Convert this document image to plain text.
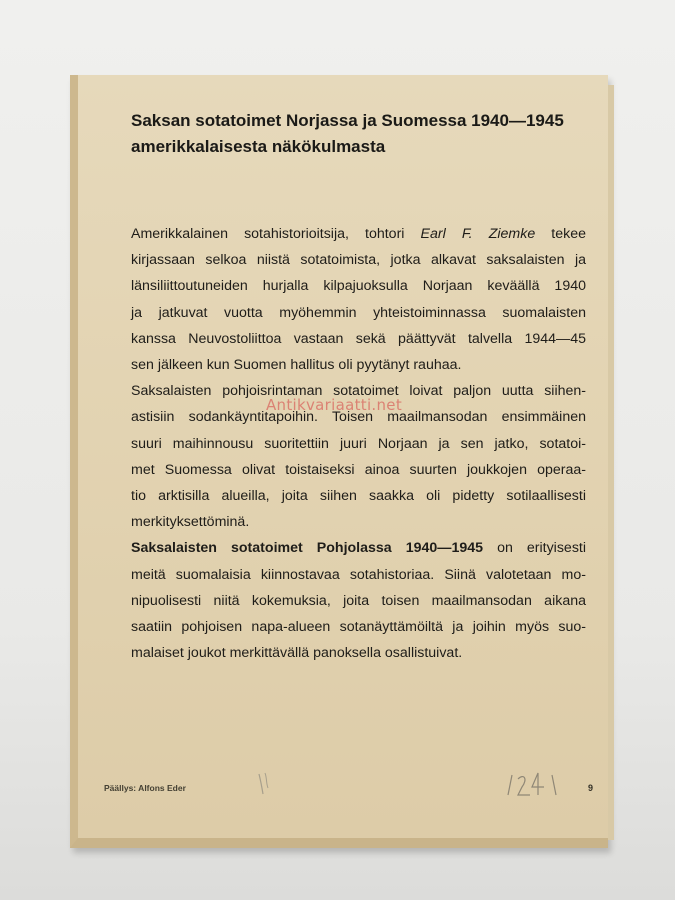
Saksan sotatoimet Norjassa ja Suomessa 1940—1945
amerikkalaisesta näkökulmasta
Amerikkalainen sotahistorioitsija, tohtori Earl F. Ziemke tekee
kirjassaan selkoa niistä sotatoimista, jotka alkavat saksalaisten ja
länsiliittoutuneiden hurjalla kilpajuoksulla Norjaan keväällä 1940
ja jatkuvat vuotta myöhemmin yhteistoiminnassa suomalaisten
kanssa Neuvostoliittoa vastaan sekä päättyvät talvella 1944—45
sen jälkeen kun Suomen hallitus oli pyytänyt rauhaa.
Saksalaisten pohjoisrintaman sotatoimet loivat paljon uutta siihen-
astisiin sodankäyntitapoihin. Toisen maailmansodan ensimmäinen
suuri maihinnousu suoritettiin juuri Norjaan ja sen jatko, sotatoi-
met Suomessa olivat toistaiseksi ainoa suurten joukkojen operaa-
tio arktisilla alueilla, joita siihen saakka oli pidetty sotilaallisesti
merkityksettöminä.
Saksalaisten sotatoimet Pohjolassa 1940—1945 on erityisesti
meitä suomalaisia kiinnostavaa sotahistoriaa. Siinä valotetaan mo-
nipuolisesti niitä kokemuksia, joita toisen maailmansodan aikana
saatiin pohjoisen napa-alueen sotanäyttämöiltä ja joihin myös suo-
malaiset joukot merkittävällä panoksella osallistuivat.
Antikvariaatti.net
Päällys: Alfons Eder	9
